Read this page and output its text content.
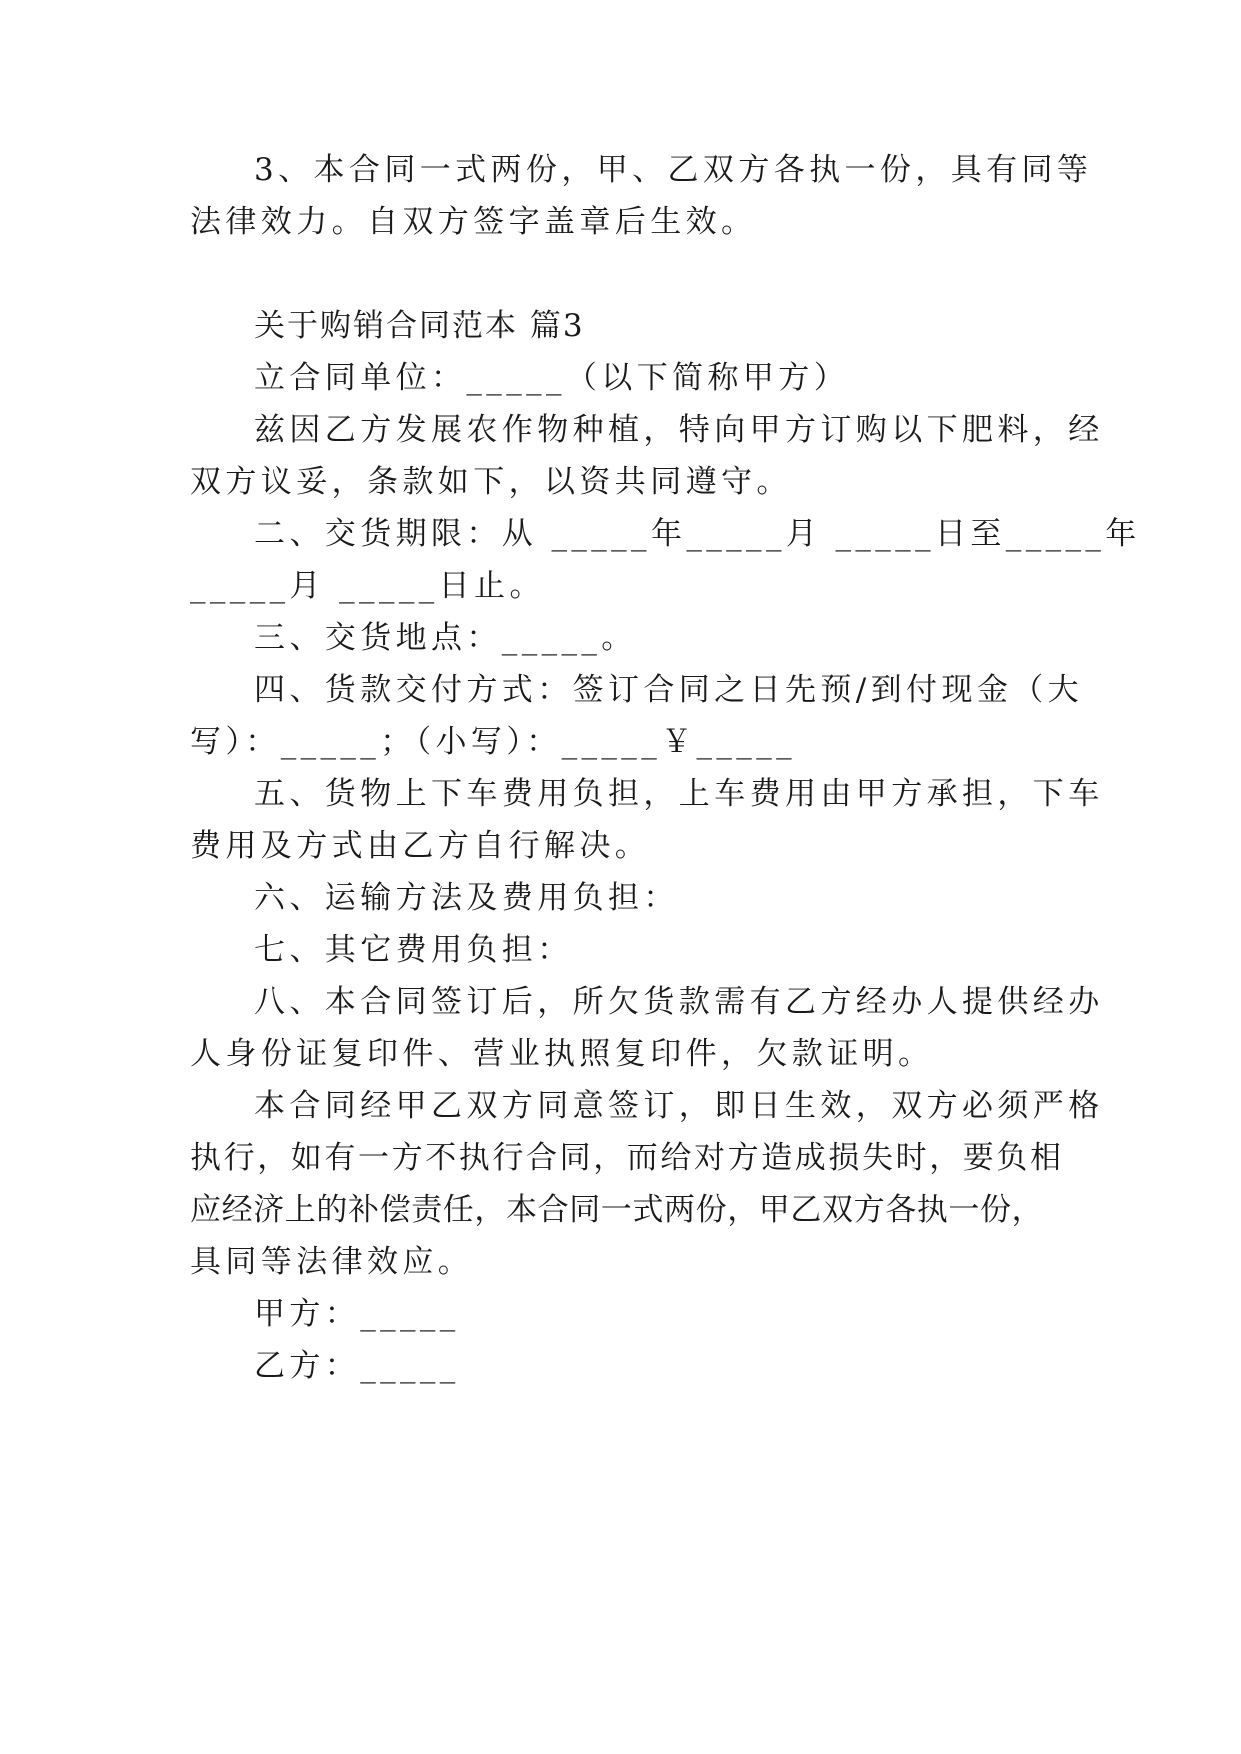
3、本合同一式两份，甲、乙双方各执一份，具有同等
法律效力。自双方签字盖章后生效。
关于购销合同范本 篇3
立合同单位：_____（以下简称甲方）
兹因乙方发展农作物种植，特向甲方订购以下肥料，经
双方议妥，条款如下，以资共同遵守。
二、交货期限：从 _____年_____月 _____日至_____年
_____月 _____日止。
三、交货地点：_____。
四、货款交付方式：签订合同之日先预/到付现金（大
写）：_____；（小写）：_____￥_____
五、货物上下车费用负担，上车费用由甲方承担，下车
费用及方式由乙方自行解决。
六、运输方法及费用负担：
七、其它费用负担：
八、本合同签订后，所欠货款需有乙方经办人提供经办
人身份证复印件、营业执照复印件，欠款证明。
本合同经甲乙双方同意签订，即日生效，双方必须严格
执行，如有一方不执行合同，而给对方造成损失时，要负相
应经济上的补偿责任，本合同一式两份，甲乙双方各执一份，
具同等法律效应。
甲方：_____
乙方：_____
